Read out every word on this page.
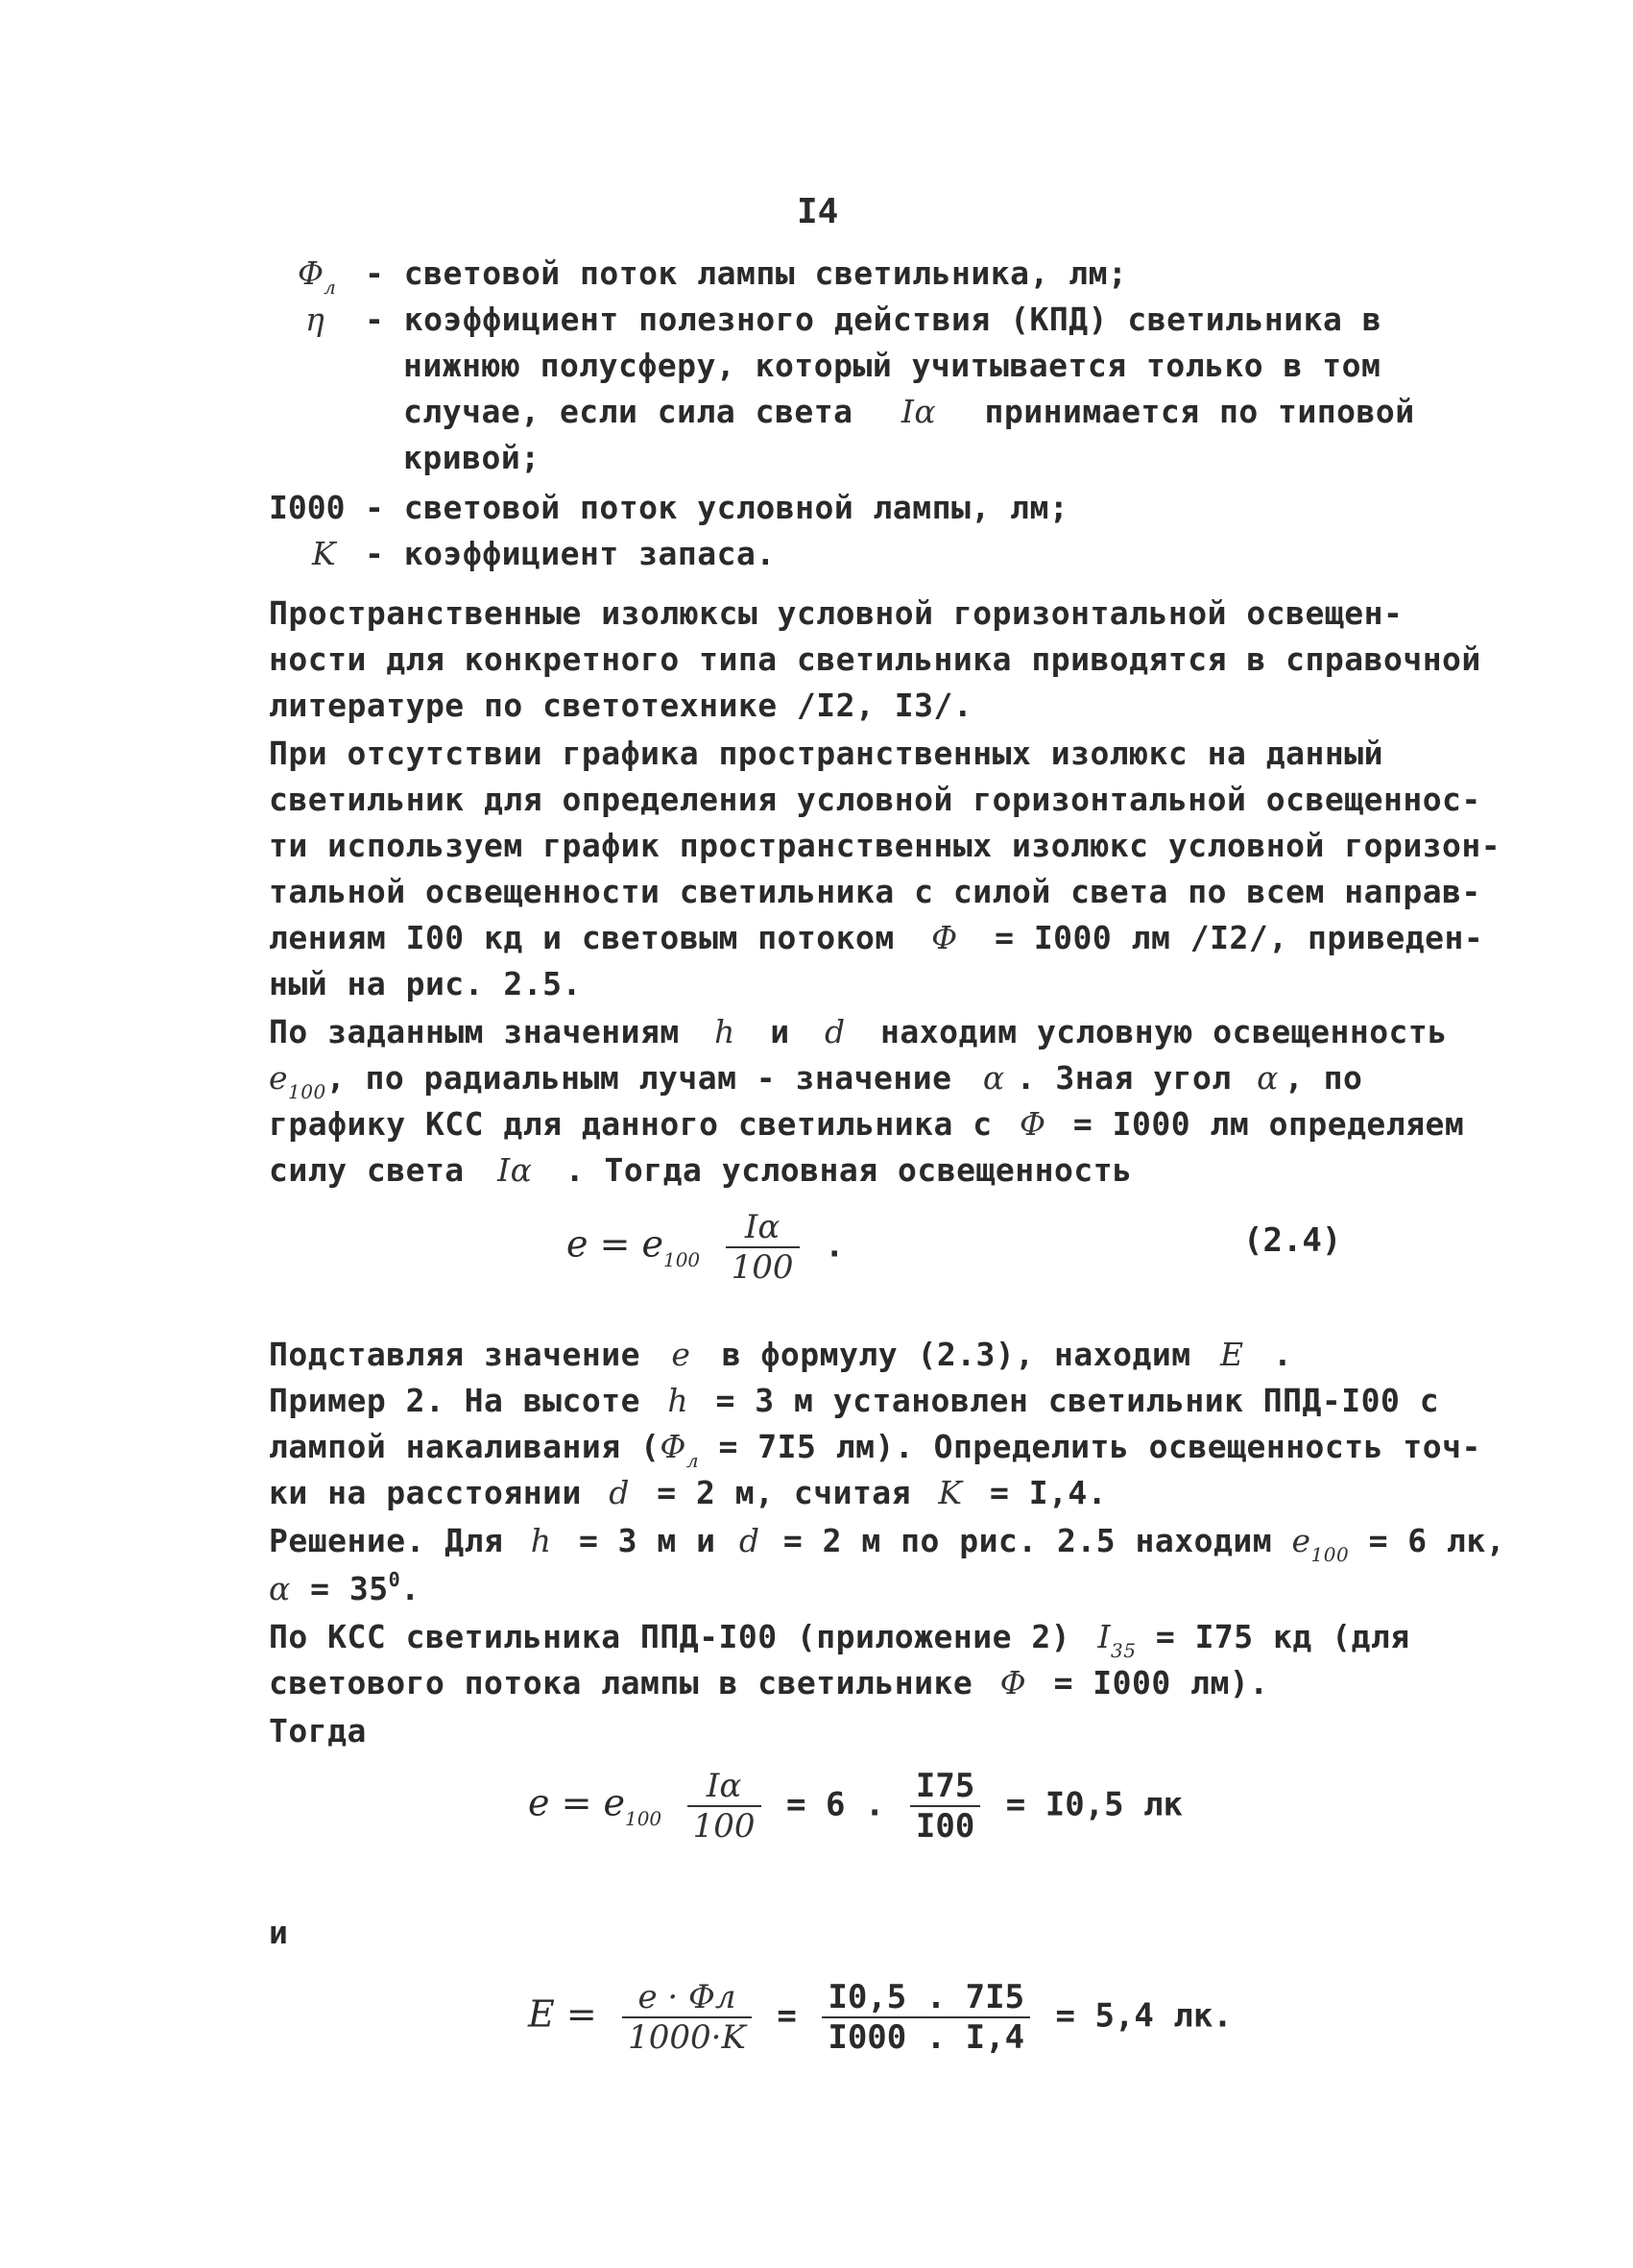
I4
$\Phi_л$ - световой поток лампы светильника, лм;
η - коэффициент полезного действия (КПД) светильника в
нижнюю полусферу, который учитывается только в том
случае, если сила света Iα принимается по типовой
кривой;
I000 - световой поток условной лампы, лм;
K - коэффициент запаса.
Пространственные изолюксы условной горизонтальной освещен-
ности для конкретного типа светильника приводятся в справочной
литературе по светотехнике /I2, I3/.
При отсутствии графика пространственных изолюкс на данный
светильник для определения условной горизонтальной освещеннос-
ти используем график пространственных изолюкс условной горизон-
тальной освещенности светильника с силой света по всем направ-
лениям I00 кд и световым потоком Φ = I000 лм /I2/, приведен-
ный на рис. 2.5.
По заданным значениям h и d находим условную освещенность
$e_{100}$, по радиальным лучам - значение α . Зная угол α , по
графику КСС для данного светильника с Φ = I000 лм определяем
силу света Iα . Тогда условная освещенность
$e = e_{100} \frac{I\alpha}{100}$ .	(2.4)
Подставляя значение e в формулу (2.3), находим E .
Пример 2. На высоте h = 3 м установлен светильник ППД-I00 с
лампой накаливания ($\Phi_л = 7I5$ лм). Определить освещенность точ-
ки на расстоянии d = 2 м, считая K = I,4.
Решение. Для h = 3 м и d = 2 м по рис. 2.5 находим $e_{100} = 6$ лк,
$\alpha = 35^0$.
По КСС светильника ППД-I00 (приложение 2) $I_{35} = I75$ кд (для
светового потока лампы в светильнике Φ = I000 лм).
Тогда
$e = e_{100} \frac{I\alpha}{100} = 6$ . $\frac{I75}{I00} = I0,5$ лк
и
$E = \frac{e \cdot \Phi л}{1000\cdot K} = \frac{I0,5 . 7I5}{I000 . I,4} = 5,4$ лк.
